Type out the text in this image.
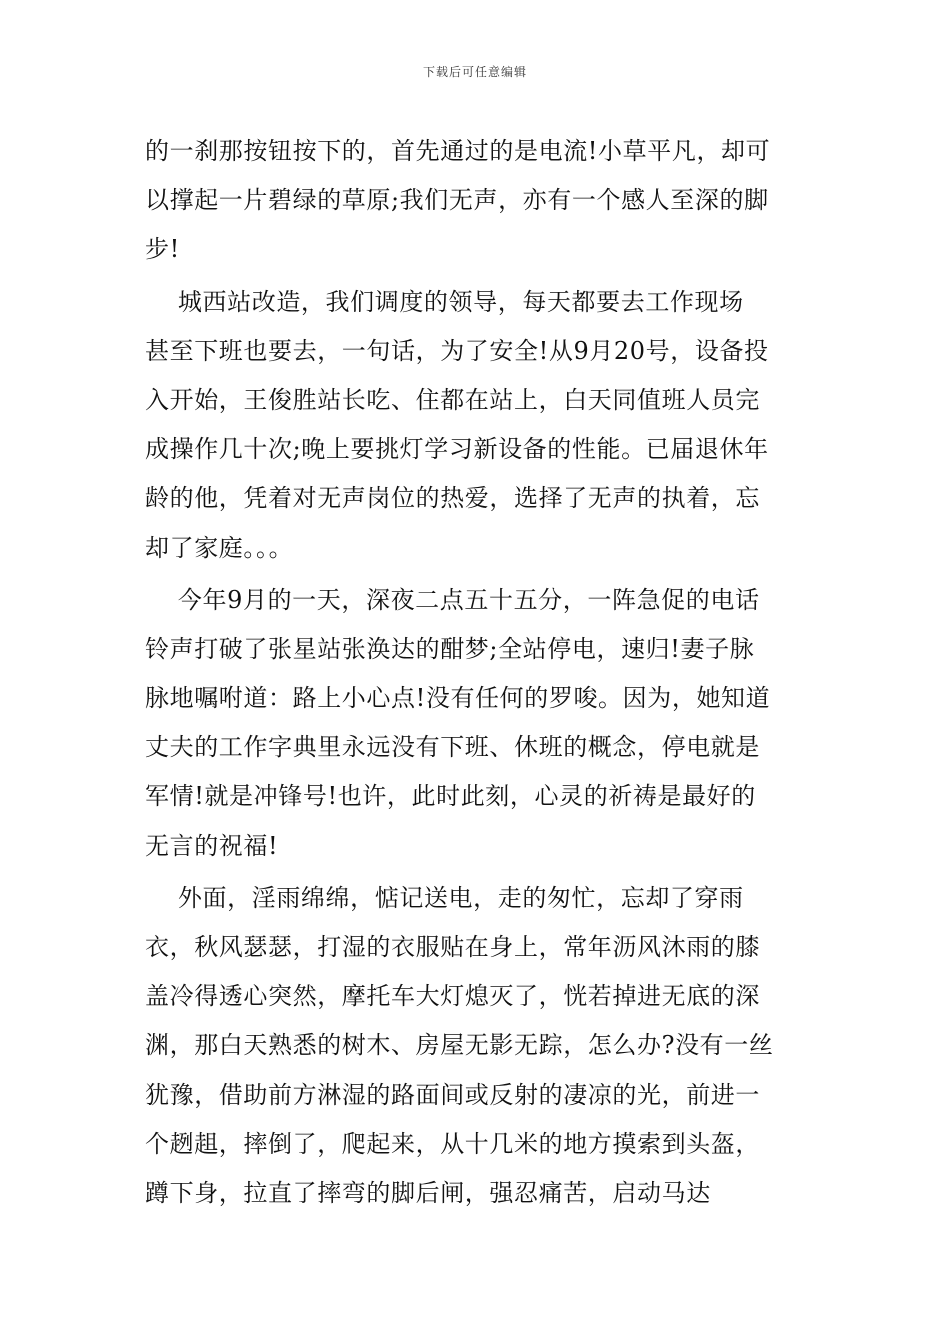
下载后可任意编辑
的一刹那按钮按下的，首先通过的是电流!小草平凡，却可
以撑起一片碧绿的草原;我们无声，亦有一个感人至深的脚
步!
城西站改造，我们调度的领导，每天都要去工作现场
甚至下班也要去，一句话，为了安全!从9月20号，设备投
入开始，王俊胜站长吃、住都在站上，白天同值班人员完
成操作几十次;晚上要挑灯学习新设备的性能。已届退休年
龄的他，凭着对无声岗位的热爱，选择了无声的执着，忘
却了家庭。。。
今年9月的一天，深夜二点五十五分，一阵急促的电话
铃声打破了张星站张涣达的酣梦;全站停电，速归!妻子脉
脉地嘱咐道：路上小心点!没有任何的罗唆。因为，她知道
丈夫的工作字典里永远没有下班、休班的概念，停电就是
军情!就是冲锋号!也许，此时此刻，心灵的祈祷是最好的
无言的祝福!
外面，淫雨绵绵，惦记送电，走的匆忙，忘却了穿雨
衣，秋风瑟瑟，打湿的衣服贴在身上，常年沥风沐雨的膝
盖冷得透心突然，摩托车大灯熄灭了，恍若掉进无底的深
渊，那白天熟悉的树木、房屋无影无踪，怎么办?没有一丝
犹豫，借助前方淋湿的路面间或反射的凄凉的光，前进一
个趔趄，摔倒了，爬起来，从十几米的地方摸索到头盔，
蹲下身，拉直了摔弯的脚后闸，强忍痛苦，启动马达
